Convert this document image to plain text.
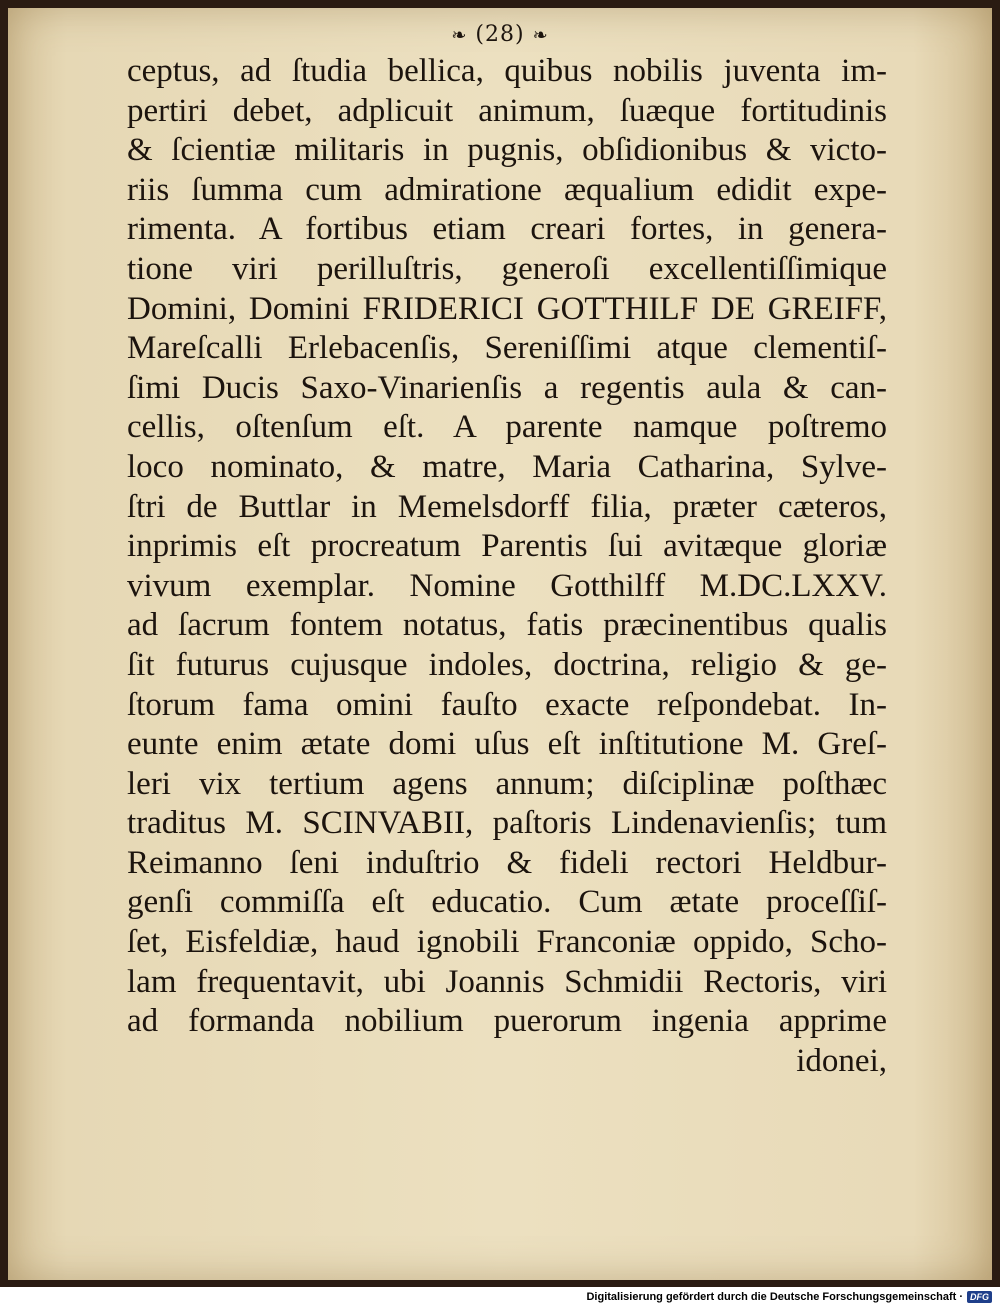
❧ (28) ❧
ceptus, ad ſtudia bellica, quibus nobilis juventa im-
pertiri debet, adplicuit animum, ſuæque fortitudinis
& ſcientiæ militaris in pugnis, obſidionibus & victo-
riis ſumma cum admiratione æqualium edidit expe-
rimenta. A fortibus etiam creari fortes, in genera-
tione viri perilluſtris, generoſi excellentiſſimique
Domini, Domini FRIDERICI GOTTHILF DE GREIFF,
Mareſcalli Erlebacenſis, Sereniſſimi atque clementiſ-
ſimi Ducis Saxo-Vinarienſis a regentis aula & can-
cellis, oſtenſum eſt. A parente namque poſtremo
loco nominato, & matre, Maria Catharina, Sylve-
ſtri de Buttlar in Memelsdorff filia, præter cæteros,
inprimis eſt procreatum Parentis ſui avitæque gloriæ
vivum exemplar. Nomine Gotthilff M.DC.LXXV.
ad ſacrum fontem notatus, fatis præcinentibus qualis
ſit futurus cujusque indoles, doctrina, religio & ge-
ſtorum fama omini fauſto exacte reſpondebat. In-
eunte enim ætate domi uſus eſt inſtitutione M. Greſ-
leri vix tertium agens annum; diſciplinæ poſthæc
traditus M. SCINVABII, paſtoris Lindenavienſis; tum
Reimanno ſeni induſtrio & fideli rectori Heldbur-
genſi commiſſa eſt educatio. Cum ætate proceſſiſ-
ſet, Eisfeldiæ, haud ignobili Franconiæ oppido, Scho-
lam frequentavit, ubi Joannis Schmidii Rectoris, viri
ad formanda nobilium puerorum ingenia apprime
idonei,
Digitalisierung gefördert durch die Deutsche Forschungsgemeinschaft · DFG
